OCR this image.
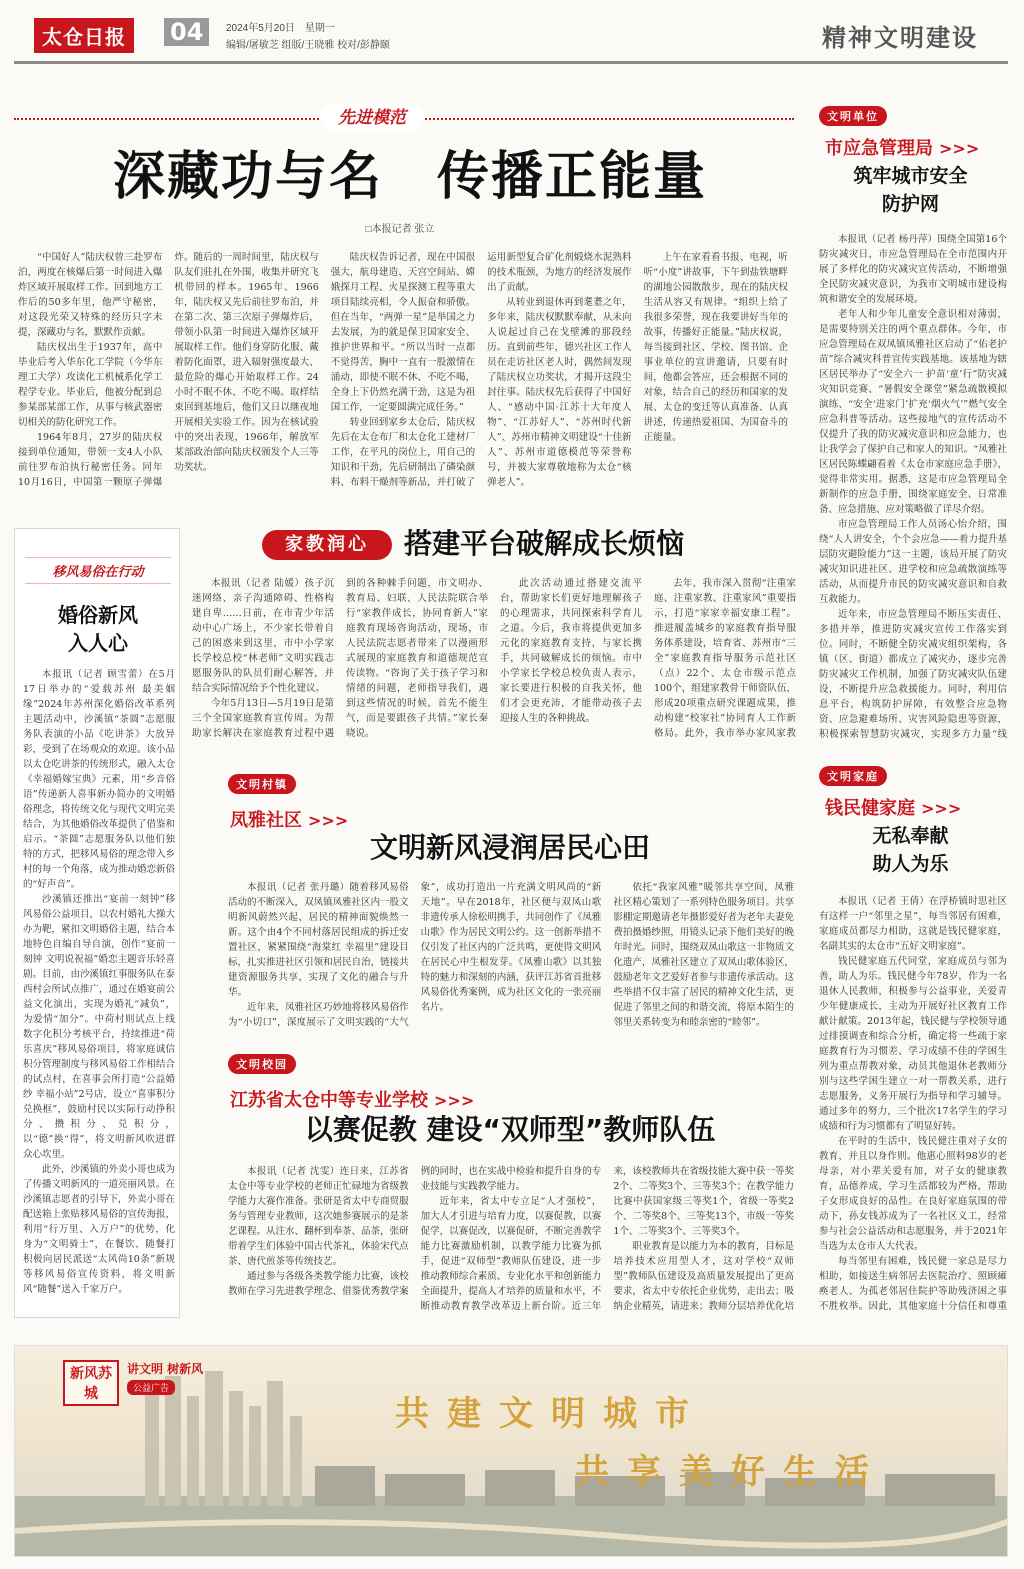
太仓日报	04	2024年5月20日　星期一
编辑/屠敏芝 组版/王晓雅 校对/彭静颐	精神文明建设
先进模范
深藏功与名　传播正能量
□本报记者 张立

“中国好人”陆庆权曾三赴罗布泊，两度在核爆后第一时间进入爆炸区域开展取样工作。回到地方工作后的50多年里，他严守秘密，对这段光荣又特殊的经历只字未提，深藏功与名，默默作贡献。

陆庆权出生于1937年，高中毕业后考入华东化工学院（今华东理工大学）攻读化工机械系化学工程学专业。毕业后，他被分配到总参某部某部工作，从事与核武器密切相关的防化研究工作。

1964年8月，27岁的陆庆权接到单位通知，带领一支4人小队前往罗布泊执行秘密任务。同年10月16日，中国第一颗原子弹爆炸。随后的一周时间里，陆庆权与队友们驻扎在外围，收集并研究飞机带回的样本。1965年、1966年，陆庆权又先后前往罗布泊，并在第二次、第三次原子弹爆炸后，带领小队第一时间进入爆炸区域开展取样工作。他们身穿防化服、戴着防化面罩，进入辐射强度最大、最危险的爆心开始取样工作。24小时不眠不休、不吃不喝。取样结束回到基地后，他们又日以继夜地开展相关实验工作。因为在核试验中的突出表现，1966年，解放军某部政治部向陆庆权颁发个人三等功奖状。

陆庆权告诉记者，现在中国很强大，航母建造、天宫空间站、嫦娥探月工程、火星探测工程等重大项目陆续亮相，令人振奋和骄傲。但在当年，“两弹一星”是举国之力去发展，为的就是保卫国家安全、推护世界和平。“所以当时一点都不觉得苦，胸中一直有一股激情在涌动，即使不眠不休、不吃不喝，全身上下仍然充满干劲，这是为祖国工作，一定要圆满完成任务。”

转业回到家乡太仓后，陆庆权先后在太仓布厂和太仓化工建材厂工作，在平凡的岗位上，用自己的知识和干劲，先后研制出了磷染颜料、布料干燥剂等新品，并打破了运用新型复合矿化剂煅烧水泥熟料的技术瓶颈，为地方的经济发展作出了贡献。

从转业到退休再到耄耋之年，多年来，陆庆权默默奉献，从未向人说起过自己在戈壁滩的那段经历。直到前些年，德兴社区工作人员在走访社区老人时，偶然间发现了陆庆权立功奖状，才揭开这段尘封往事。陆庆权先后获得了中国好人、“感动中国·江苏十大年度人物”、“江苏好人”、“苏州时代新人”、苏州市精神文明建设“十佳新人”、苏州市道德模范等荣誉称号，并被大家尊敬地称为太仓“核弹老人”。

上午在家看看书报、电视，听听“小度”讲故事，下午到盐铁塘畔的湖地公园散散步，现在的陆庆权生活从容又有规律。“组织上给了我很多荣誉，现在我要讲好当年的故事，传播好正能量。”陆庆权说，每当接到社区、学校、图书馆、企事业单位的宣讲邀请，只要有时间，他都会答应，还会根据不同的对象，结合自己的经历和国家的发展、太仓的变迁等认真准备、认真讲述，传递热爱祖国、为国奋斗的正能量。

文明单位
市应急管理局 >>>
筑牢城市安全
防护网

本报讯（记者 杨丹萍）围绕全国第16个防灾减灾日，市应急管理局在全市范围内开展了多样化的防灾减灾宣传活动，不断增强全民防灾减灾意识，为我市文明城市建设构筑和谐安全的发展环境。

老年人和少年儿童安全意识相对薄弱，是需要特别关注的两个重点群体。今年，市应急管理局在双凤镇凤雅社区启动了“佑老护苗”综合减灾科普宣传实践基地。该基地为辖区居民举办了“安全六一 护苗‘童’行”防灾减灾知识竞赛、“暑假安全课堂”紧急疏散模拟演练、“安全‘进家门’扩充‘烟火气’”燃气安全应急科普等活动。这些接地气的宣传活动不仅提升了我的防灾减灾意识和应急能力，也让我学会了保护自己和家人的知识。“凤雅社区居民陈蝶翩看着《太仓市家庭应急手册》，觉得非常实用。据悉，这是市应急管理局全新制作的应急手册，围绕家庭安全、日常准备、应急措施、应对策略做了详尽介绍。

市应急管理局工作人员汤心怡介绍，围绕“人人讲安全，个个会应急——着力提升基层防灾避险能力”这一主题，该局开展了防灾减灾知识进社区、进学校和应急疏散演练等活动，从而提升市民的防灾减灾意识和自救互救能力。

近年来，市应急管理局不断压实责任、多措并举，推进防灾减灾宣传工作落实到位。同时，不断健全防灾减灾组织架构，各镇（区、街道）都成立了减灾办，逐步完善防灾减灾工作机制，加强了防灾减灾队伍建设，不断提升应急救援能力。同时，利用信息平台，构筑防护屏障，有效整合应急物资、应急避难场所、灾害风险隐患等资源，积极探索智慧防灾减灾，实现多方力量“线

移风易俗在行动
婚俗新风
入人心

本报讯（记者 顾雪蕾）在5月17日举办的“爱载苏州 最美姻缘”2024年苏州深化婚俗改革系列主题活动中，沙溪镇“茶圆”志愿服务队表演的小品《吃讲茶》大放异彩，受到了在场观众的欢迎。该小品以太仓吃讲茶的传统形式，融入太仓《幸福婚嫁宝典》元素，用“乡音俗语”传递新人喜事新办简办的文明婚俗理念，将传统文化与现代文明完美结合，为其他婚俗改革提供了借鉴和启示。“茶圆”志愿服务队以他们独特的方式，把移风易俗的理念带入乡村的每一个角落，成为推动婚恋新俗的“好声音”。

沙溪镇还推出“宴前一刻钟”移风易俗公益项目，以农村婚礼大操大办为靶，紧扣文明婚俗主题，结合本地特色自编自导自演，创作“宴前一刻钟 文明说祝福”婚恋主题音乐轻喜剧。目前，由沙溪镇红事服务队在泰西村会所试点推广，通过在婚宴前公益文化演出，实现为婚礼“减负”，为爱情“加分”。中荷村则试点上线数字化积分考核平台，持续推进“荷乐喜庆”移风易俗项目，将家庭诚信积分管理制度与移风易俗工作相结合的试点村，在喜事会所打造“公益婚纱 幸福小站”2号店，设立“喜事积分兑换框”，鼓励村民以实际行动挣积分、攒积分、兑积分，以“德”换“得”，将文明新风吹进群众心坎里。

此外，沙溪镇的外卖小哥也成为了传播文明新风的一道亮丽风景。在沙溪镇志愿者的引导下，外卖小哥在配送箱上张贴移风易俗的宣传海报，利用“行万里、入万户”的优势，化身为“文明骑士”，在餐饮、随餐打积极向居民派送“太风尚10条”新规等移风易俗宣传资料，将文明新风“随餐”送入千家万户。

家教润心	搭建平台破解成长烦恼

本报讯（记者 陆媛）孩子沉迷网络、亲子沟通障碍、性格构建自卑……日前，在市青少年活动中心广场上，不少家长带着自己的困惑来到这里，市中小学家长学校总校“林老师”文明实践志愿服务队的队员们耐心解答，并结合实际情况给予个性化建议。

今年5月13日—5月19日是第三个全国家庭教育宣传周。为帮助家长解决在家庭教育过程中遇到的各种棘手问题，市文明办、教育局、妇联、人民法院联合举行“家教伴成长，协同育新人”家庭教育现场咨询活动，现场，市人民法院志愿者带来了以漫画形式展现的家庭教育和道德规范宣传读物。“咨询了关于孩子学习和情绪的问题，老师指导我们，遇到这些情况的时候，首先不能生气，而是要跟孩子共情。”家长秦晓说。

此次活动通过搭建交流平台，帮助家长们更好地理解孩子的心理需求，共同探索科学育儿之道。今后，我市将提供更加多元化的家庭教育支持，与家长携手，共同破解成长的烦恼。市中小学家长学校总校负责人表示，家长要进行积极的自我关怀，他们才会更充沛，才能带动孩子去迎接人生的各种挑战。

去年，我市深入贯彻“注重家庭、注重家教、注重家风”重要指示，打造“家家幸福安康工程”。推进履盖城乡的家庭教育指导服务体系建设，培育省、苏州市“三全”家庭教育指导服务示范社区（点）22个、太仓市级示范点100个，组建家教骨干师资队伍，形成20项重点研究课题成果，推动构建“校家社”协同育人工作新格局。此外，我市举办家风家教

文明家庭
钱民健家庭 >>>
无私奉献
助人为乐

本报讯（记者 王倩）在浮桥镇时思社区有这样一户“邻里之星”，每当邻居有困难，家庭成员都尽力相助，这就是钱民健家庭，名副其实的太仓市“五好文明家庭”。

钱民健家庭五代同堂，家庭成员与邻为善，助人为乐。钱民健今年78岁，作为一名退休人民教师，积极参与公益事业，关爱青少年健康成长，主动为开展好社区教育工作献计献策。2013年起，钱民健与学校领导通过排摸调查和综合分析，确定将一些疏于家庭教育行为习惯差、学习成绩不佳的学困生列为重点帮教对象，动员其他退休老教师分别与这些学困生建立一对一帮教关系，进行志愿服务，义务开展行为指导和学习辅导。通过多年的努力，三个批次17名学生的学习成绩和行为习惯都有了明显好转。

在平时的生活中，钱民健注重对子女的教育，并且以身作则。他惠心照料98岁的老母亲，对小辈关爱有加，对子女的健康教育，品德养成，学习生活都较为严格，帮助子女形成良好的品性。在良好家庭氛围的带动下，孙女钱苏成为了一名社区义工，经常参与社会公益活动和志愿服务，并于2021年当选为太仓市人大代表。

每当邻里有困难，钱民健一家总是尽力相助，如接送生病邻居去医院治疗、照顾瘫痪老人、为孤老邻居住院护等助残济困之事不胜枚举。因此，其他家庭十分信任和尊重

文明村镇
凤雅社区 >>>
文明新风浸润居民心田

本报讯（记者 张丹璐）随着移风易俗活动的不断深入，双凤镇凤雅社区内一股文明新风蔚然兴起，居民的精神面貌焕然一新。这个由4个不同村落居民组成的拆迁安置社区，紧紧围绕“海棠红 幸福里”建设目标，扎实推进社区引领和居民自治，链接共建资源服务共享，实现了文化的融合与升华。

近年来，凤雅社区巧妙地将移风易俗作为“小切口”，深度展示了文明实践的“大气象”，成功打造出一片充满文明风尚的“新天地”。早在2018年，社区便与双凤山歌非遗传承人徐松明携手，共同创作了《凤雅山歌》作为居民文明公约。这一创新举措不仅引发了社区内的广泛共鸣，更使得文明风在居民心中生根发芽。《凤雅山歌》以其独特的魅力和深刻的内涵，获评江苏省首批移风易俗优秀案例，成为社区文化的一张亮丽名片。

依托“我家风雅”暖邻共享空间，凤雅社区精心策划了一系列特色服务项目。共享影棚定期邀请老年摄影爱好者为老年夫妻免费拍摄婚纱照，用镜头记录下他们美好的晚年时光。同时，围绕双凤山歌这一非物质文化遗产，凤雅社区建立了双凤山歌体验区，鼓励老年文艺爱好者参与非遗传承活动。这些举措不仅丰富了居民的精神文化生活，更促进了邻里之间的和谐交流，将原本陌生的邻里关系转变为和睦亲密的“睦邻”。

文明校园
江苏省太仓中等专业学校 >>>
以赛促教 建设“双师型”教师队伍

本报讯（记者 沈雯）连日来，江苏省太仓中等专业学校的老师正忙碌地为省级教学能力大赛作准备。张研是省太中专商贸服务与管理专业教师，这次她参赛展示的是茶艺课程。从注水、翻杯到奉茶、品茶，张研带着学生们体验中国古代茶礼，体验宋代点茶、唐代煎茶等传统技艺。

通过参与各级各类教学能力比赛，该校教师在学习先进教学理念、借鉴优秀教学案例的同时，也在实战中检验和提升自身的专业技能与实践教学能力。

近年来，省太中专立足“人才强校”，加大人才引进与培育力度，以赛促教，以赛促学，以赛促改，以赛促研，不断完善教学能力比赛激励机制，以教学能力比赛为抓手，促进“双师型”教师队伍建设，进一步推动教师综合素质、专业化水平和创新能力全面提升，提高人才培养的质量和水平，不断推动教育教学改革迈上新台阶。近三年来，该校教师共在省级技能大赛中获一等奖2个、二等奖3个、三等奖3个；在教学能力比赛中获国家级三等奖1个，省级一等奖2个、二等奖8个、三等奖13个，市级一等奖1个、二等奖3个、三等奖3个。

职业教育是以能力为本的教育，目标是培养技术应用型人才，这对学校“双师型”教师队伍建设及高质量发展提出了更高要求，省太中专依托企业优势，走出去；吸纳企业精英，请进来；教师分层培养优化培

新风苏城
讲文明 树新风
公益广告
共建文明城市
共享美好生活
